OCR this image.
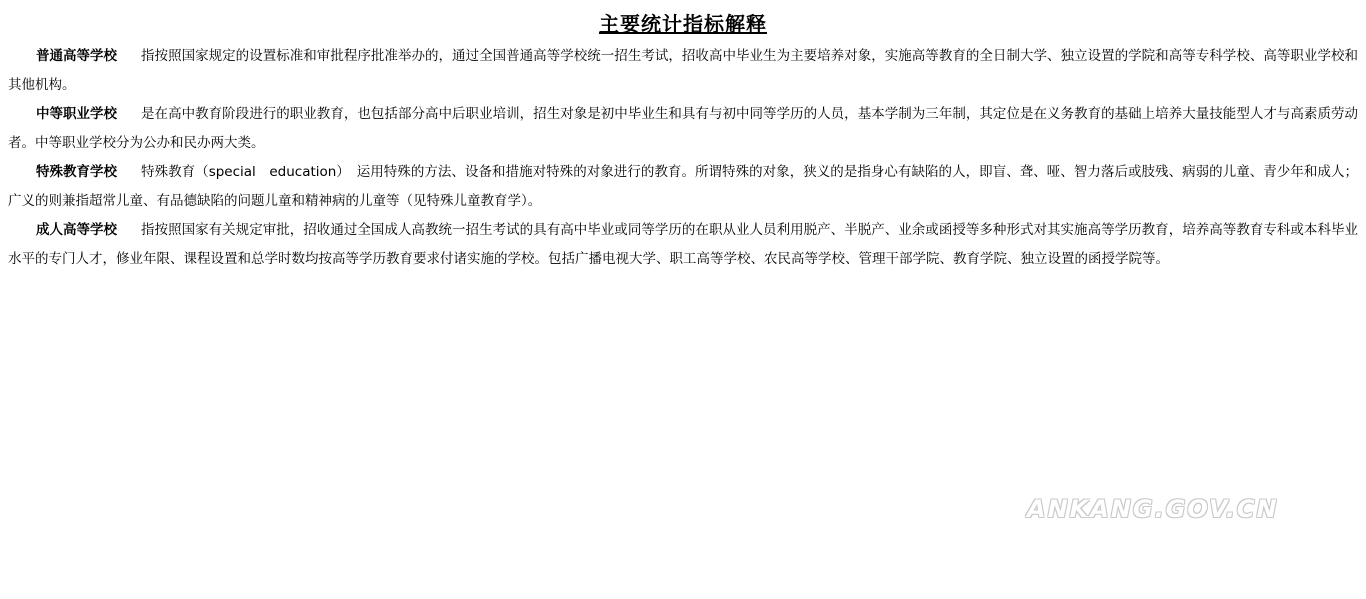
主要统计指标解释

普通高等学校 指按照国家规定的设置标准和审批程序批准举办的，通过全国普通高等学校统一招生考试，招收高中毕业生为主要培养对象，实施高等教育的全日制大学、独立设置的学院和高等专科学校、高等职业学校和其他机构。

中等职业学校 是在高中教育阶段进行的职业教育，也包括部分高中后职业培训，招生对象是初中毕业生和具有与初中同等学历的人员，基本学制为三年制，其定位是在义务教育的基础上培养大量技能型人才与高素质劳动者。中等职业学校分为公办和民办两大类。

特殊教育学校 特殊教育（special　education）　运用特殊的方法、设备和措施对特殊的对象进行的教育。所谓特殊的对象，狭义的是指身心有缺陷的人，即盲、聋、哑、智力落后或肢残、病弱的儿童、青少年和成人；广义的则兼指超常儿童、有品德缺陷的问题儿童和精神病的儿童等（见特殊儿童教育学）。

成人高等学校 指按照国家有关规定审批，招收通过全国成人高教统一招生考试的具有高中毕业或同等学历的在职从业人员利用脱产、半脱产、业余或函授等多种形式对其实施高等学历教育，培养高等教育专科或本科毕业水平的专门人才，修业年限、课程设置和总学时数均按高等学历教育要求付诸实施的学校。包括广播电视大学、职工高等学校、农民高等学校、管理干部学院、教育学院、独立设置的函授学院等。

ANKANG.GOV.CN
